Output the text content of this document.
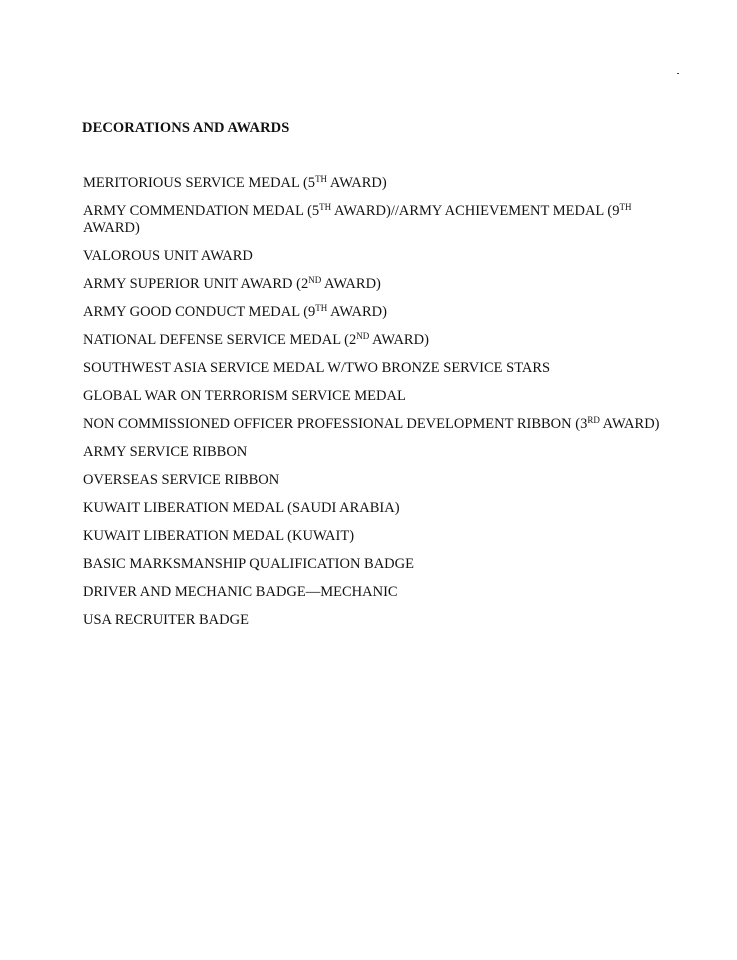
DECORATIONS AND AWARDS
MERITORIOUS SERVICE MEDAL (5TH AWARD)
ARMY COMMENDATION MEDAL (5TH AWARD)//ARMY ACHIEVEMENT MEDAL (9TH AWARD)
VALOROUS UNIT AWARD
ARMY SUPERIOR UNIT AWARD (2ND AWARD)
ARMY GOOD CONDUCT MEDAL (9TH AWARD)
NATIONAL DEFENSE SERVICE MEDAL (2ND AWARD)
SOUTHWEST ASIA SERVICE MEDAL W/TWO BRONZE SERVICE STARS
GLOBAL WAR ON TERRORISM SERVICE MEDAL
NON COMMISSIONED OFFICER PROFESSIONAL DEVELOPMENT RIBBON (3RD AWARD)
ARMY SERVICE RIBBON
OVERSEAS SERVICE RIBBON
KUWAIT LIBERATION MEDAL (SAUDI ARABIA)
KUWAIT LIBERATION MEDAL (KUWAIT)
BASIC MARKSMANSHIP QUALIFICATION BADGE
DRIVER AND MECHANIC BADGE—MECHANIC
USA RECRUITER BADGE
